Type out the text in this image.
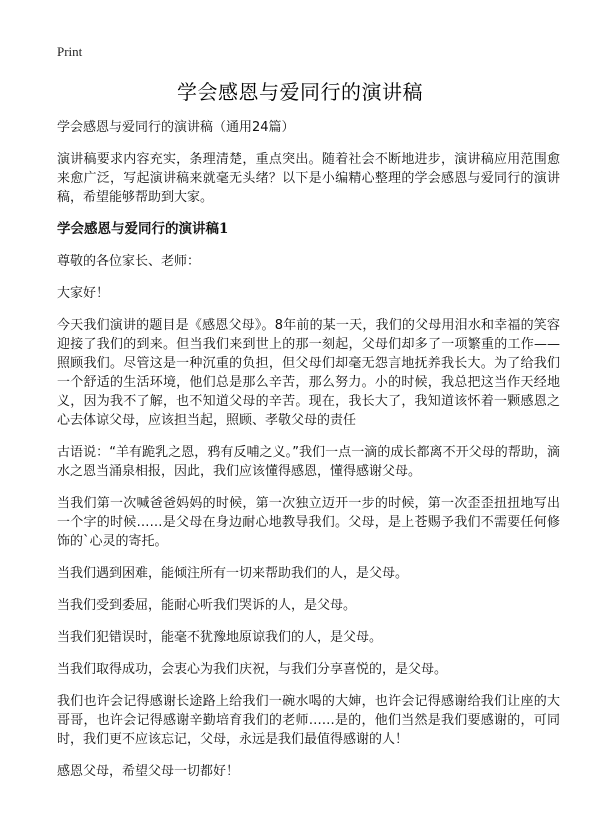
Print
学会感恩与爱同行的演讲稿

学会感恩与爱同行的演讲稿（通用24篇）

演讲稿要求内容充实，条理清楚，重点突出。随着社会不断地进步，演讲稿应用范围愈来愈广泛，写起演讲稿来就毫无头绪？以下是小编精心整理的学会感恩与爱同行的演讲稿，希望能够帮助到大家。

学会感恩与爱同行的演讲稿1

尊敬的各位家长、老师：

大家好！

今天我们演讲的题目是《感恩父母》。8年前的某一天，我们的父母用泪水和幸福的笑容迎接了我们的到来。但当我们来到世上的那一刻起，父母们却多了一项繁重的工作——照顾我们。尽管这是一种沉重的负担，但父母们却毫无怨言地抚养我长大。为了给我们一个舒适的生活环境，他们总是那么辛苦，那么努力。小的时候，我总把这当作天经地义，因为我不了解，也不知道父母的辛苦。现在，我长大了，我知道该怀着一颗感恩之心去体谅父母，应该担当起，照顾、孝敬父母的责任

古语说：“羊有跪乳之恩，鸦有反哺之义。”我们一点一滴的成长都离不开父母的帮助，滴水之恩当涌泉相报，因此，我们应该懂得感恩，懂得感谢父母。

当我们第一次喊爸爸妈妈的时候，第一次独立迈开一步的时候，第一次歪歪扭扭地写出一个字的时候……是父母在身边耐心地教导我们。父母，是上苍赐予我们不需要任何修饰的`心灵的寄托。

当我们遇到困难，能倾注所有一切来帮助我们的人，是父母。

当我们受到委屈，能耐心听我们哭诉的人，是父母。

当我们犯错误时，能毫不犹豫地原谅我们的人，是父母。

当我们取得成功，会衷心为我们庆祝，与我们分享喜悦的，是父母。

我们也许会记得感谢长途路上给我们一碗水喝的大婶，也许会记得感谢给我们让座的大哥哥，也许会记得感谢辛勤培育我们的老师……是的，他们当然是我们要感谢的，可同时，我们更不应该忘记，父母，永远是我们最值得感谢的人！

感恩父母，希望父母一切都好！
